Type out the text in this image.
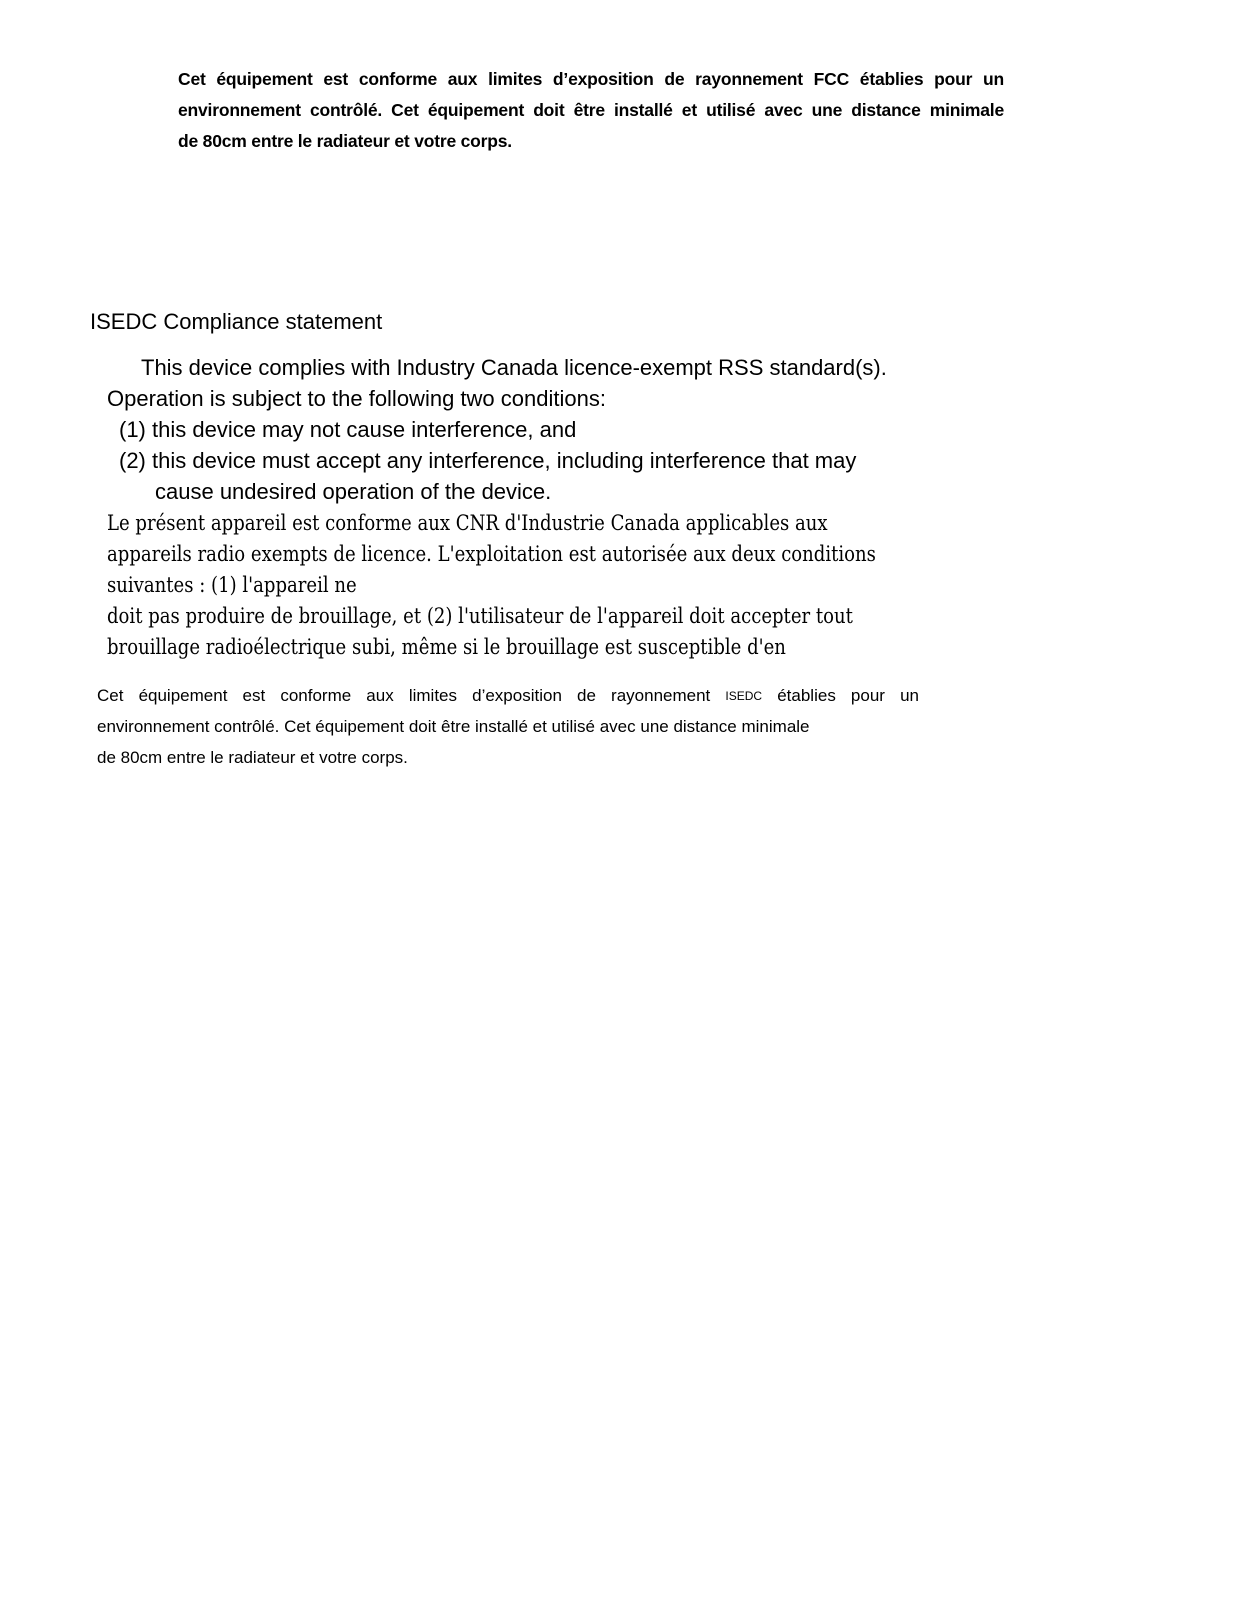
Cet équipement est conforme aux limites d’exposition de rayonnement FCC établies pour un
environnement contrôlé. Cet équipement doit être installé et utilisé avec une distance minimale
de 80cm entre le radiateur et votre corps.
ISEDC Compliance statement
This device complies with Industry Canada licence-exempt RSS standard(s).
Operation is subject to the following two conditions:
(1) this device may not cause interference, and
(2) this device must accept any interference, including interference that may
cause undesired operation of the device.
Le présent appareil est conforme aux CNR d'Industrie Canada applicables aux
appareils radio exempts de licence. L'exploitation est autorisée aux deux conditions
suivantes : (1) l'appareil ne
doit pas produire de brouillage, et (2) l'utilisateur de l'appareil doit accepter tout
brouillage radioélectrique subi, même si le brouillage est susceptible d'en
Cet équipement est conforme aux limites d’exposition de rayonnement ISEDC établies pour un
environnement contrôlé. Cet équipement doit être installé et utilisé avec une distance minimale
de 80cm entre le radiateur et votre corps.
